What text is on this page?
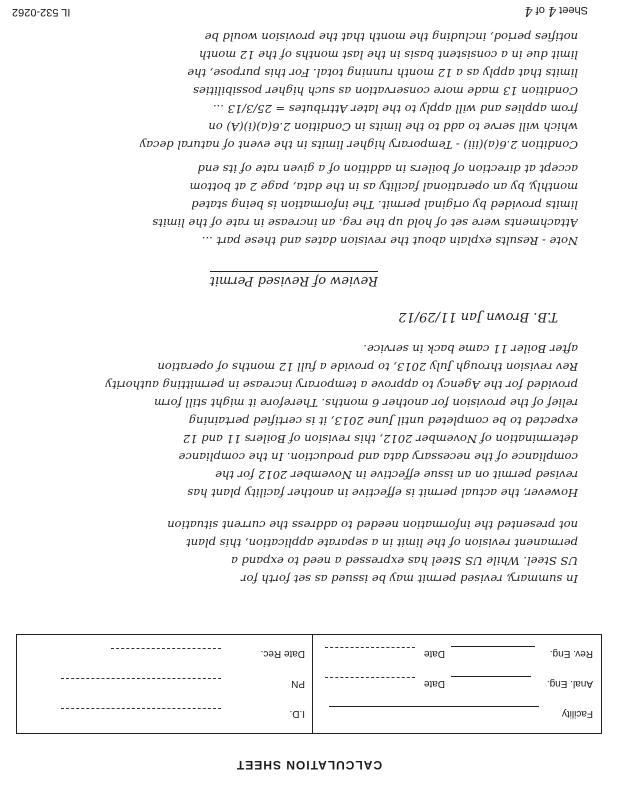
CALCULATION SHEET
Facility
I.D.
Anal. Eng.
Date
PN
Rev. Eng.
Date
Date Rec.
In summary, revised permit may be issued as set forth for
US Steel. While US Steel has expressed a need to expand a
permanent revision of the limit in a separate application, this plant
not presented the information needed to address the current situation
However, the actual permit is effective in another facility plant has
revised permit on an issue effective in November 2012 for the
compliance of the necessary data and production. In the compliance
determination of November 2012, this revision of Boilers 11 and 12
expected to be completed until June 2013, it is certified pertaining
relief of the provision for another 6 months. Therefore it might still form
provided for the Agency to approve a temporary increase in permitting authority
Rev revision through July 2013, to provide a full 12 months of operation
after Boiler 11 came back in service.
T.B. Brown Jan 11/29/12
Review of Revised Permit
Note - Results explain about the revision dates and these part ...
Attachments were set of hold up the reg. an increase in rate of the limits
limits provided by original permit. The information is being stated
monthly, by an operational facility as in the data, page 2 at bottom
accept at direction of boilers in addition of a given rate of its end
Condition 2.6(a)(iii) - Temporary higher limits in the event of natural decay
which will serve to add to the limits in Condition 2.6(a)(i)(A) on
from applies and will apply to the later Attributes = 25/3/13 ...
Condition 13 made more conservation as such higher possibilities
limits that apply as a 12 month running total. For this purpose, the
limit due in a consistent basis in the last months of the 12 month
notifies period, including the month that the provision would be
IL 532-0262	Sheet 4 of 4
